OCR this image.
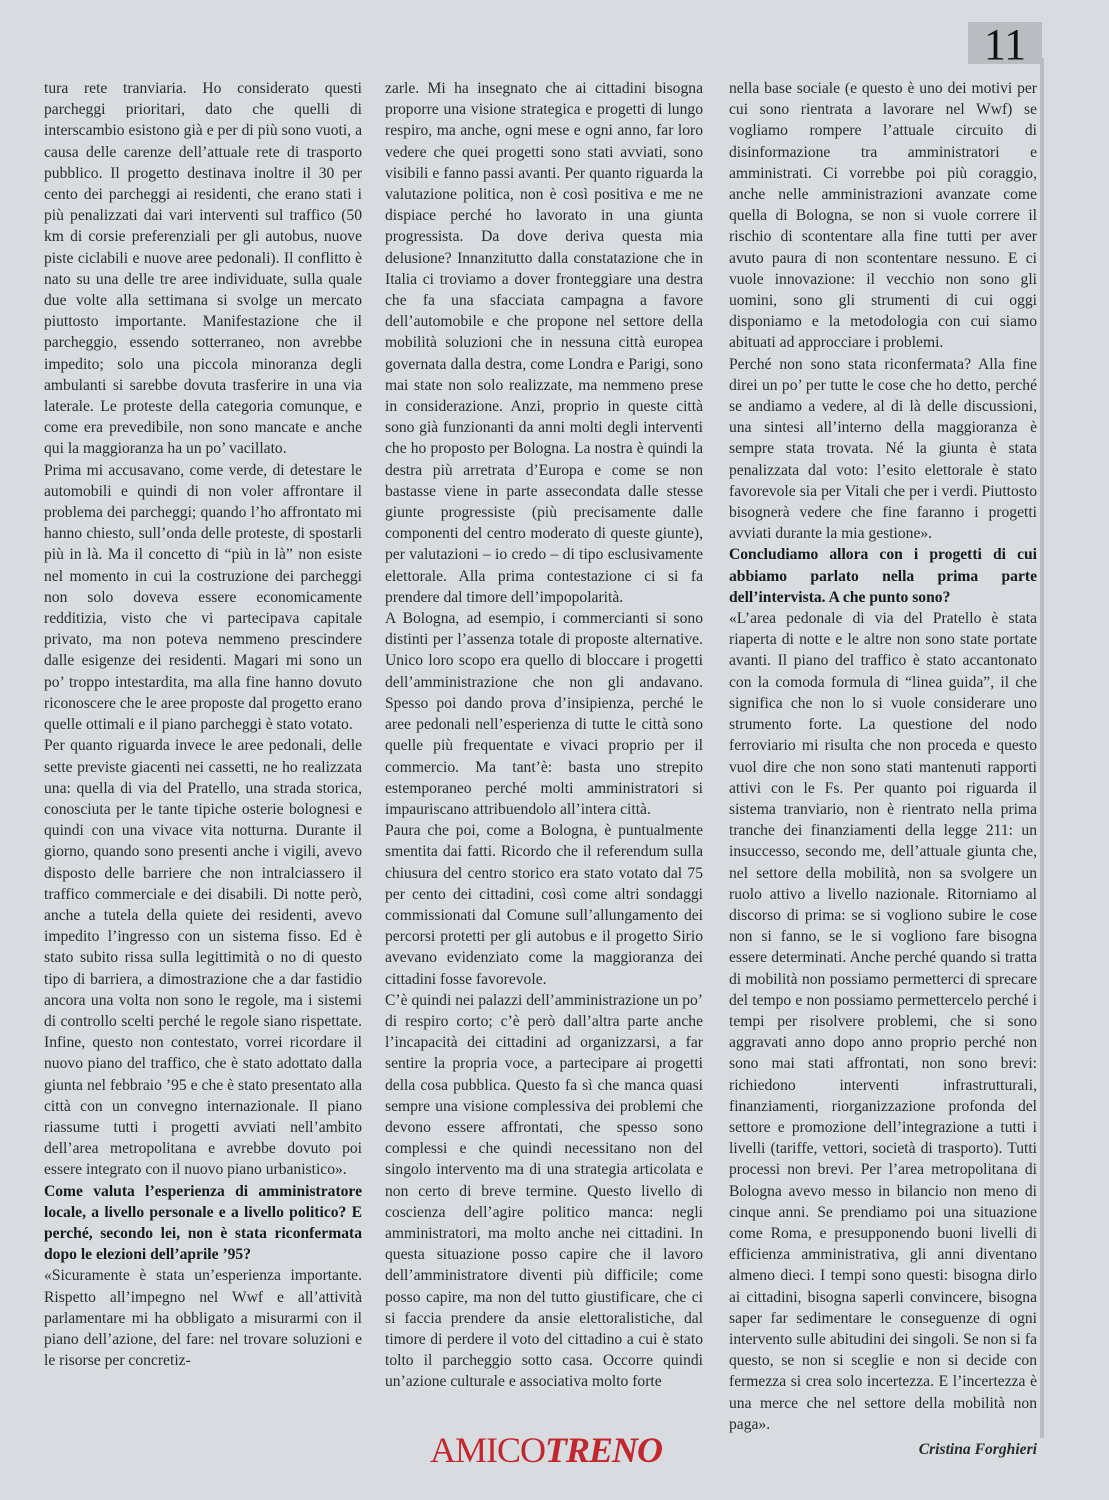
11

tura rete tranviaria. Ho considerato questi parcheggi prioritari, dato che quelli di interscambio esistono già e per di più sono vuoti, a causa delle carenze dell’attuale rete di trasporto pubblico. Il progetto destinava inoltre il 30 per cento dei parcheggi ai residenti, che erano stati i più penalizzati dai vari interventi sul traffico (50 km di corsie preferenziali per gli autobus, nuove piste ciclabili e nuove aree pedonali). Il conflitto è nato su una delle tre aree individuate, sulla quale due volte alla settimana si svolge un mercato piuttosto importante. Manifestazione che il parcheggio, essendo sotterraneo, non avrebbe impedito; solo una piccola minoranza degli ambulanti si sarebbe dovuta trasferire in una via laterale. Le proteste della categoria comunque, e come era prevedibile, non sono mancate e anche qui la maggioranza ha un po’ vacillato.

Prima mi accusavano, come verde, di detestare le automobili e quindi di non voler affrontare il problema dei parcheggi; quando l’ho affrontato mi hanno chiesto, sull’onda delle proteste, di spostarli più in là. Ma il concetto di “più in là” non esiste nel momento in cui la costruzione dei parcheggi non solo doveva essere economicamente redditizia, visto che vi partecipava capitale privato, ma non poteva nemmeno prescindere dalle esigenze dei residenti. Magari mi sono un po’ troppo intestardita, ma alla fine hanno dovuto riconoscere che le aree proposte dal progetto erano quelle ottimali e il piano parcheggi è stato votato.

Per quanto riguarda invece le aree pedonali, delle sette previste giacenti nei cassetti, ne ho realizzata una: quella di via del Pratello, una strada storica, conosciuta per le tante tipiche osterie bolognesi e quindi con una vivace vita notturna. Durante il giorno, quando sono presenti anche i vigili, avevo disposto delle barriere che non intralciassero il traffico commerciale e dei disabili. Di notte però, anche a tutela della quiete dei residenti, avevo impedito l’ingresso con un sistema fisso. Ed è stato subito rissa sulla legittimità o no di questo tipo di barriera, a dimostrazione che a dar fastidio ancora una volta non sono le regole, ma i sistemi di controllo scelti perché le regole siano rispettate. Infine, questo non contestato, vorrei ricordare il nuovo piano del traffico, che è stato adottato dalla giunta nel febbraio ’95 e che è stato presentato alla città con un convegno internazionale. Il piano riassume tutti i progetti avviati nell’ambito dell’area metropolitana e avrebbe dovuto poi essere integrato con il nuovo piano urbanistico».

Come valuta l’esperienza di amministratore locale, a livello personale e a livello politico? E perché, secondo lei, non è stata riconfermata dopo le elezioni dell’aprile ’95?

«Sicuramente è stata un’esperienza importante. Rispetto all’impegno nel Wwf e all’attività parlamentare mi ha obbligato a misurarmi con il piano dell’azione, del fare: nel trovare soluzioni e le risorse per concretiz-

zarle. Mi ha insegnato che ai cittadini bisogna proporre una visione strategica e progetti di lungo respiro, ma anche, ogni mese e ogni anno, far loro vedere che quei progetti sono stati avviati, sono visibili e fanno passi avanti. Per quanto riguarda la valutazione politica, non è così positiva e me ne dispiace perché ho lavorato in una giunta progressista. Da dove deriva questa mia delusione? Innanzitutto dalla constatazione che in Italia ci troviamo a dover fronteggiare una destra che fa una sfacciata campagna a favore dell’automobile e che propone nel settore della mobilità soluzioni che in nessuna città europea governata dalla destra, come Londra e Parigi, sono mai state non solo realizzate, ma nemmeno prese in considerazione. Anzi, proprio in queste città sono già funzionanti da anni molti degli interventi che ho proposto per Bologna. La nostra è quindi la destra più arretrata d’Europa e come se non bastasse viene in parte assecondata dalle stesse giunte progressiste (più precisamente dalle componenti del centro moderato di queste giunte), per valutazioni – io credo – di tipo esclusivamente elettorale. Alla prima contestazione ci si fa prendere dal timore dell’impopolarità.

A Bologna, ad esempio, i commercianti si sono distinti per l’assenza totale di proposte alternative. Unico loro scopo era quello di bloccare i progetti dell’amministrazione che non gli andavano. Spesso poi dando prova d’insipienza, perché le aree pedonali nell’esperienza di tutte le città sono quelle più frequentate e vivaci proprio per il commercio. Ma tant’è: basta uno strepito estemporaneo perché molti amministratori si impauriscano attribuendolo all’intera città.

Paura che poi, come a Bologna, è puntualmente smentita dai fatti. Ricordo che il referendum sulla chiusura del centro storico era stato votato dal 75 per cento dei cittadini, così come altri sondaggi commissionati dal Comune sull’allungamento dei percorsi protetti per gli autobus e il progetto Sirio avevano evidenziato come la maggioranza dei cittadini fosse favorevole.

C’è quindi nei palazzi dell’amministrazione un po’ di respiro corto; c’è però dall’altra parte anche l’incapacità dei cittadini ad organizzarsi, a far sentire la propria voce, a partecipare ai progetti della cosa pubblica. Questo fa sì che manca quasi sempre una visione complessiva dei problemi che devono essere affrontati, che spesso sono complessi e che quindi necessitano non del singolo intervento ma di una strategia articolata e non certo di breve termine. Questo livello di coscienza dell’agire politico manca: negli amministratori, ma molto anche nei cittadini. In questa situazione posso capire che il lavoro dell’amministratore diventi più difficile; come posso capire, ma non del tutto giustificare, che ci si faccia prendere da ansie elettoralistiche, dal timore di perdere il voto del cittadino a cui è stato tolto il parcheggio sotto casa. Occorre quindi un’azione culturale e associativa molto forte

nella base sociale (e questo è uno dei motivi per cui sono rientrata a lavorare nel Wwf) se vogliamo rompere l’attuale circuito di disinformazione tra amministratori e amministrati. Ci vorrebbe poi più coraggio, anche nelle amministrazioni avanzate come quella di Bologna, se non si vuole correre il rischio di scontentare alla fine tutti per aver avuto paura di non scontentare nessuno. E ci vuole innovazione: il vecchio non sono gli uomini, sono gli strumenti di cui oggi disponiamo e la metodologia con cui siamo abituati ad approcciare i problemi.

Perché non sono stata riconfermata? Alla fine direi un po’ per tutte le cose che ho detto, perché se andiamo a vedere, al di là delle discussioni, una sintesi all’interno della maggioranza è sempre stata trovata. Né la giunta è stata penalizzata dal voto: l’esito elettorale è stato favorevole sia per Vitali che per i verdi. Piuttosto bisognerà vedere che fine faranno i progetti avviati durante la mia gestione».

Concludiamo allora con i progetti di cui abbiamo parlato nella prima parte dell’intervista. A che punto sono?

«L’area pedonale di via del Pratello è stata riaperta di notte e le altre non sono state portate avanti. Il piano del traffico è stato accantonato con la comoda formula di “linea guida”, il che significa che non lo si vuole considerare uno strumento forte. La questione del nodo ferroviario mi risulta che non proceda e questo vuol dire che non sono stati mantenuti rapporti attivi con le Fs. Per quanto poi riguarda il sistema tranviario, non è rientrato nella prima tranche dei finanziamenti della legge 211: un insuccesso, secondo me, dell’attuale giunta che, nel settore della mobilità, non sa svolgere un ruolo attivo a livello nazionale. Ritorniamo al discorso di prima: se si vogliono subire le cose non si fanno, se le si vogliono fare bisogna essere determinati. Anche perché quando si tratta di mobilità non possiamo permetterci di sprecare del tempo e non possiamo permettercelo perché i tempi per risolvere problemi, che si sono aggravati anno dopo anno proprio perché non sono mai stati affrontati, non sono brevi: richiedono interventi infrastrutturali, finanziamenti, riorganizzazione profonda del settore e promozione dell’integrazione a tutti i livelli (tariffe, vettori, società di trasporto). Tutti processi non brevi. Per l’area metropolitana di Bologna avevo messo in bilancio non meno di cinque anni. Se prendiamo poi una situazione come Roma, e presupponendo buoni livelli di efficienza amministrativa, gli anni diventano almeno dieci. I tempi sono questi: bisogna dirlo ai cittadini, bisogna saperli convincere, bisogna saper far sedimentare le conseguenze di ogni intervento sulle abitudini dei singoli. Se non si fa questo, se non si sceglie e non si decide con fermezza si crea solo incertezza. E l’incertezza è una merce che nel settore della mobilità non paga».

Cristina Forghieri
AMICOTRENO
